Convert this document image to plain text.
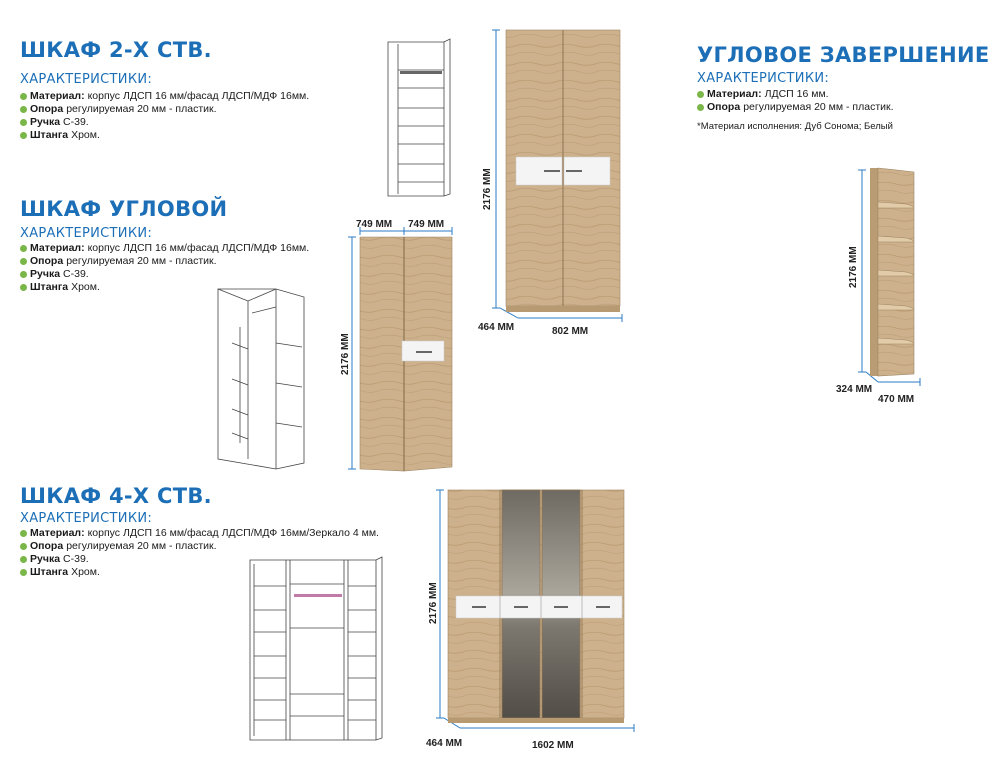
ШКАФ 2-Х СТВ.
ХАРАКТЕРИСТИКИ:
Материал: корпус ЛДСП 16 мм/фасад ЛДСП/МДФ 16мм.
Опора регулируемая 20 мм - пластик.
Ручка С-39.
Штанга Хром.
2176 ММ
464 ММ	802 ММ
ШКАФ УГЛОВОЙ
ХАРАКТЕРИСТИКИ:
Материал: корпус ЛДСП 16 мм/фасад ЛДСП/МДФ 16мм.
Опора регулируемая 20 мм - пластик.
Ручка С-39.
Штанга Хром.
749 ММ 749 ММ
2176 ММ
ШКАФ 4-Х СТВ.
ХАРАКТЕРИСТИКИ:
Материал: корпус ЛДСП 16 мм/фасад ЛДСП/МДФ 16мм/Зеркало 4 мм.
Опора регулируемая 20 мм - пластик.
Ручка С-39.
Штанга Хром.
2176 ММ
464 ММ	1602 ММ
УГЛОВОЕ ЗАВЕРШЕНИЕ
ХАРАКТЕРИСТИКИ:
Материал: ЛДСП 16 мм.
Опора регулируемая 20 мм - пластик.
*Материал исполнения: Дуб Сонома; Белый
2176 ММ
324 ММ
470 ММ
